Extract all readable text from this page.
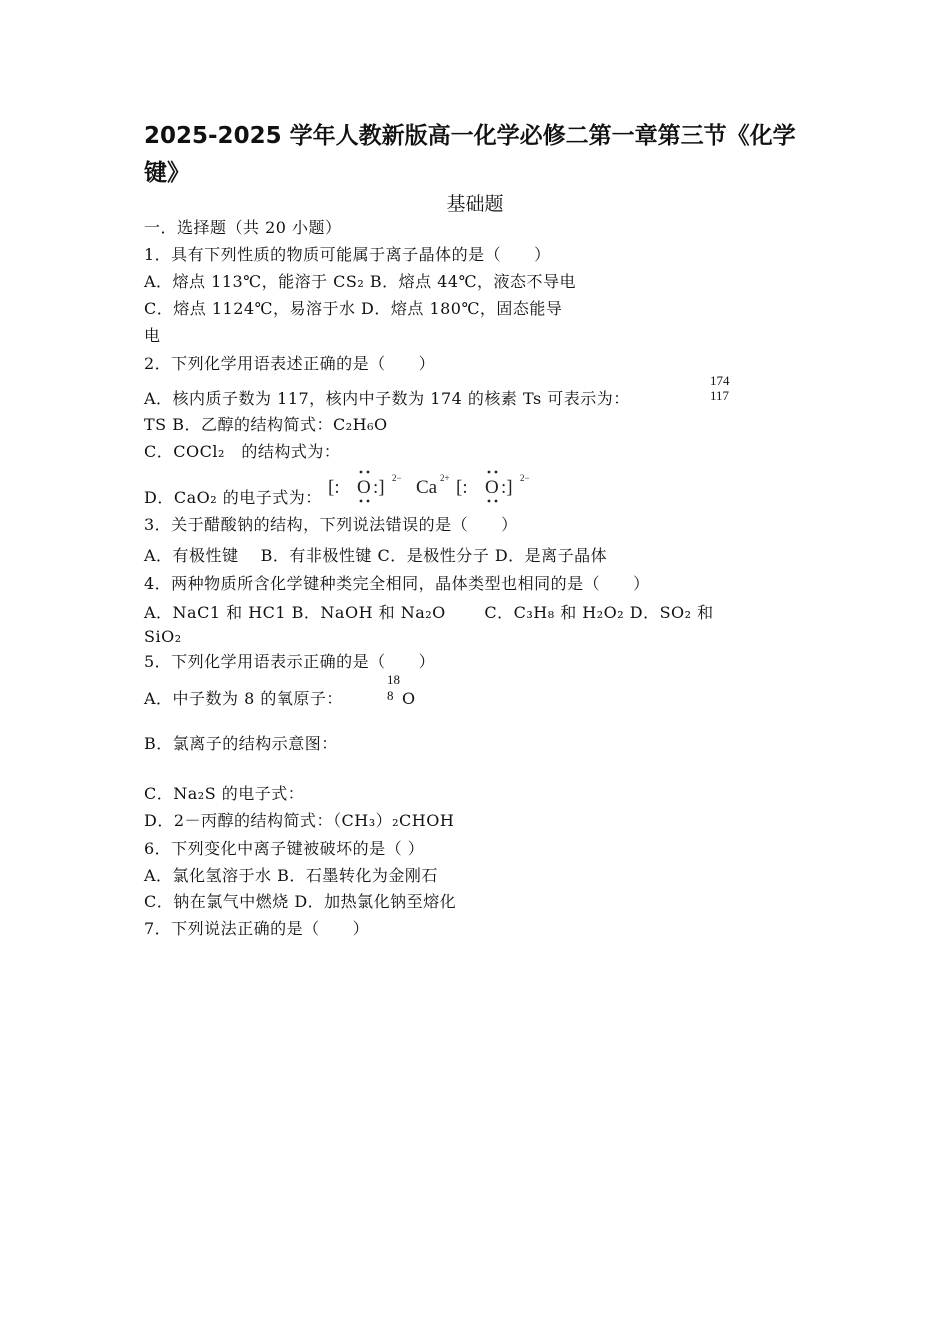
2025-2025 学年人教新版高一化学必修二第一章第三节《化学键》
基础题
一．选择题（共 20 小题）
1．具有下列性质的物质可能属于离子晶体的是（　　）
A．熔点 113℃，能溶于 CS₂ B．熔点 44℃，液态不导电
C．熔点 1124℃，易溶于水 D．熔点 180℃，固态能导
电
2．下列化学用语表述正确的是（　　）
A．核内质子数为 117，核内中子数为 174 的核素 Ts 可表示为：
174
117
TS B．乙醇的结构简式：C₂H₆O
C．COCl₂　的结构式为：
D．CaO₂ 的电子式为： [: O :] 2− Ca 2+ [: O :] 2−
3．关于醋酸钠的结构，下列说法错误的是（　　）
A．有极性键　 B．有非极性键 C．是极性分子 D．是离子晶体
4．两种物质所含化学键种类完全相同，晶体类型也相同的是（　　）
A．NaC1 和 HC1 B．NaOH 和 Na₂O　　 C．C₃H₈ 和 H₂O₂ D．SO₂ 和
SiO₂
5．下列化学用语表示正确的是（　　）
A．中子数为 8 的氧原子：
18
8 O
B．氯离子的结构示意图：
C．Na₂S 的电子式：
D．2－丙醇的结构简式：（CH₃）₂CHOH
6．下列变化中离子键被破坏的是（ ）
A．氯化氢溶于水 B．石墨转化为金刚石
C．钠在氯气中燃烧 D．加热氯化钠至熔化
7．下列说法正确的是（　　）
